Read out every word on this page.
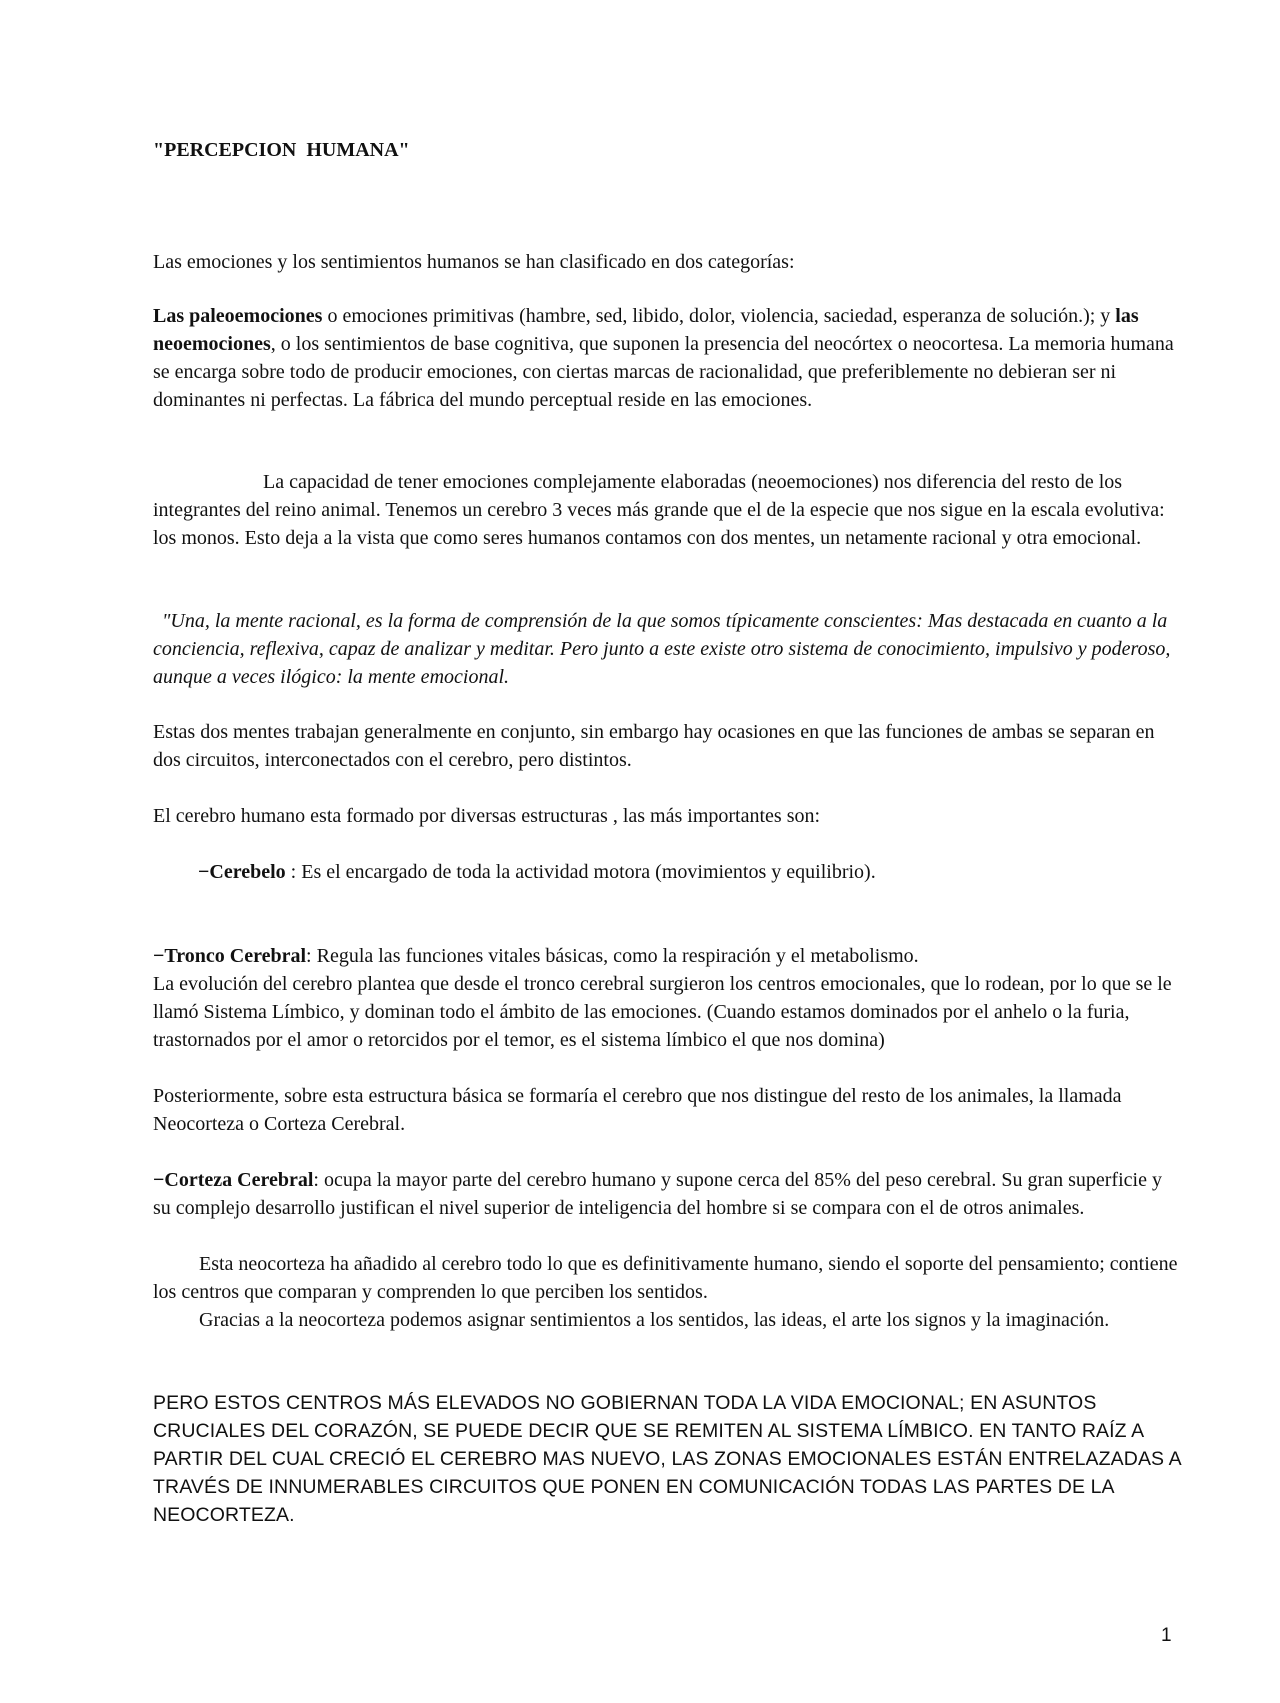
"PERCEPCION  HUMANA"

Las emociones y los sentimientos humanos se han clasificado en dos categorías:

Las paleoemociones o emociones primitivas (hambre, sed, libido, dolor, violencia, saciedad, esperanza de solución.); y las neoemociones, o los sentimientos de base cognitiva, que suponen la presencia del neocórtex o neocortesa. La memoria humana se encarga sobre todo de producir emociones, con ciertas marcas de racionalidad, que preferiblemente no debieran ser ni dominantes ni perfectas. La fábrica del mundo perceptual reside en las emociones.

La capacidad de tener emociones complejamente elaboradas (neoemociones) nos diferencia del resto de los integrantes del reino animal. Tenemos un cerebro 3 veces más grande que el de la especie que nos sigue en la escala evolutiva: los monos. Esto deja a la vista que como seres humanos contamos con dos mentes, un netamente racional y otra emocional.

"Una, la mente racional, es la forma de comprensión de la que somos típicamente conscientes: Mas destacada en cuanto a la conciencia, reflexiva, capaz de analizar y meditar. Pero junto a este existe otro sistema de conocimiento, impulsivo y poderoso, aunque a veces ilógico: la mente emocional.

Estas dos mentes trabajan generalmente en conjunto, sin embargo hay ocasiones en que las funciones de ambas se separan en dos circuitos, interconectados con el cerebro, pero distintos.

El cerebro humano esta formado por diversas estructuras , las más importantes son:

−Cerebelo : Es el encargado de toda la actividad motora (movimientos y equilibrio).

−Tronco Cerebral: Regula las funciones vitales básicas, como la respiración y el metabolismo.

La evolución del cerebro plantea que desde el tronco cerebral surgieron los centros emocionales, que lo rodean, por lo que se le llamó Sistema Límbico, y dominan todo el ámbito de las emociones. (Cuando estamos dominados por el anhelo o la furia, trastornados por el amor o retorcidos por el temor, es el sistema límbico el que nos domina)

Posteriormente, sobre esta estructura básica se formaría el cerebro que nos distingue del resto de los animales, la llamada Neocorteza o Corteza Cerebral.

−Corteza Cerebral: ocupa la mayor parte del cerebro humano y supone cerca del 85% del peso cerebral. Su gran superficie y su complejo desarrollo justifican el nivel superior de inteligencia del hombre si se compara con el de otros animales.

Esta neocorteza ha añadido al cerebro todo lo que es definitivamente humano, siendo el soporte del pensamiento; contiene los centros que comparan y comprenden lo que perciben los sentidos.

Gracias a la neocorteza podemos asignar sentimientos a los sentidos, las ideas, el arte los signos y la imaginación.

PERO ESTOS CENTROS MÁS ELEVADOS NO GOBIERNAN TODA LA VIDA EMOCIONAL; EN ASUNTOS CRUCIALES DEL CORAZÓN, SE PUEDE DECIR QUE SE REMITEN AL SISTEMA LÍMBICO. EN TANTO RAÍZ A PARTIR DEL CUAL CRECIÓ EL CEREBRO MAS NUEVO, LAS ZONAS EMOCIONALES ESTÁN ENTRELAZADAS A TRAVÉS DE INNUMERABLES CIRCUITOS QUE PONEN EN COMUNICACIÓN TODAS LAS PARTES DE LA NEOCORTEZA.

1
